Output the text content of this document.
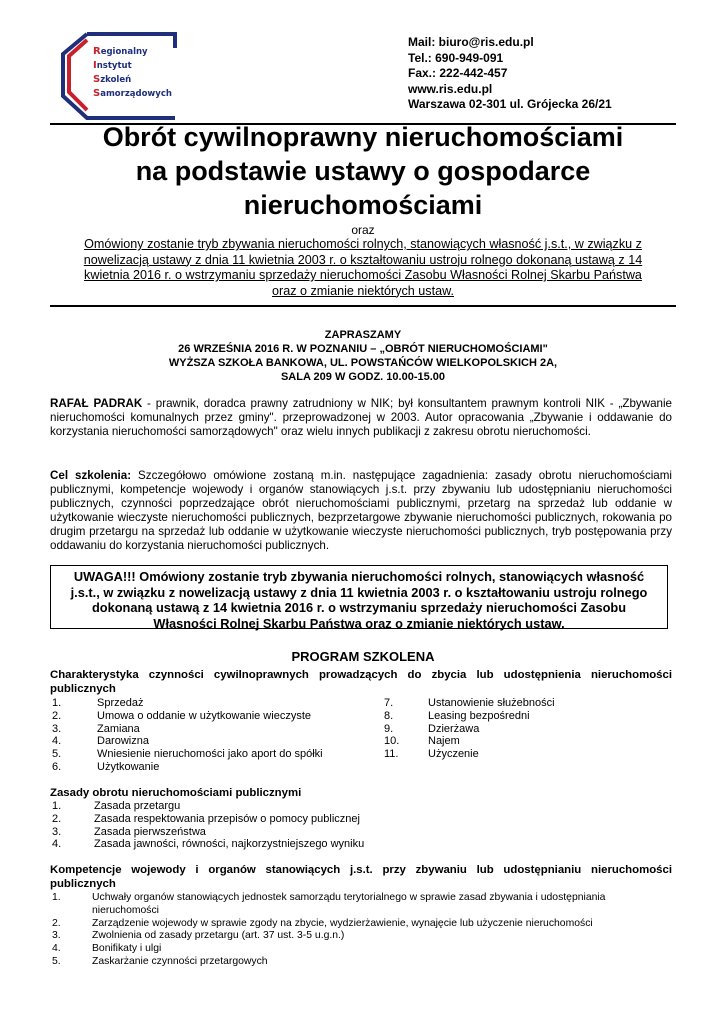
Regionalny
Instytut
Szkoleń
Samorządowych
Mail: biuro@ris.edu.pl
Tel.: 690-949-091
Fax.: 222-442-457
www.ris.edu.pl
Warszawa 02-301 ul. Grójecka 26/21
Obrót cywilnoprawny nieruchomościami
na podstawie ustawy o gospodarce
nieruchomościami
oraz
Omówiony zostanie tryb zbywania nieruchomości rolnych, stanowiących własność j.s.t., w związku z
nowelizacją ustawy z dnia 11 kwietnia 2003 r. o kształtowaniu ustroju rolnego dokonaną ustawą z 14
kwietnia 2016 r. o wstrzymaniu sprzedaży nieruchomości Zasobu Własności Rolnej Skarbu Państwa
oraz o zmianie niektórych ustaw.
ZAPRASZAMY
26 WRZEŚNIA 2016 R. W POZNANIU – „OBRÓT NIERUCHOMOŚCIAMI"
WYŻSZA SZKOŁA BANKOWA, UL. POWSTAŃCÓW WIELKOPOLSKICH 2A,
SALA 209 W GODZ. 10.00-15.00
RAFAŁ PADRAK - prawnik, doradca prawny zatrudniony w NIK; był konsultantem prawnym kontroli NIK - „Zbywanie nieruchomości komunalnych przez gminy". przeprowadzonej w 2003. Autor opracowania „Zbywanie i oddawanie do korzystania nieruchomości samorządowych" oraz wielu innych publikacji z zakresu obrotu nieruchomości.
Cel szkolenia: Szczegółowo omówione zostaną m.in. następujące zagadnienia: zasady obrotu nieruchomościami publicznymi, kompetencje wojewody i organów stanowiących j.s.t. przy zbywaniu lub udostępnianiu nieruchomości publicznych, czynności poprzedzające obrót nieruchomościami publicznymi, przetarg na sprzedaż lub oddanie w użytkowanie wieczyste nieruchomości publicznych, bezprzetargowe zbywanie nieruchomości publicznych, rokowania po drugim przetargu na sprzedaż lub oddanie w użytkowanie wieczyste nieruchomości publicznych, tryb postępowania przy oddawaniu do korzystania nieruchomości publicznych.
UWAGA!!! Omówiony zostanie tryb zbywania nieruchomości rolnych, stanowiących własność
j.s.t., w związku z nowelizacją ustawy z dnia 11 kwietnia 2003 r. o kształtowaniu ustroju rolnego
dokonaną ustawą z 14 kwietnia 2016 r. o wstrzymaniu sprzedaży nieruchomości Zasobu
Własności Rolnej Skarbu Państwa oraz o zmianie niektórych ustaw.
PROGRAM SZKOLENA
Charakterystyka czynności cywilnoprawnych prowadzących do zbycia lub udostępnienia nieruchomości publicznych
1.	Sprzedaż
2.	Umowa o oddanie w użytkowanie wieczyste
3.	Zamiana
4.	Darowizna
5.	Wniesienie nieruchomości jako aport do spółki
6.	Użytkowanie
7.	Ustanowienie służebności
8.	Leasing bezpośredni
9.	Dzierżawa
10.	Najem
11.	Użyczenie
Zasady obrotu nieruchomościami publicznymi
1.	Zasada przetargu
2.	Zasada respektowania przepisów o pomocy publicznej
3.	Zasada pierwszeństwa
4.	Zasada jawności, równości, najkorzystniejszego wyniku
Kompetencje wojewody i organów stanowiących j.s.t. przy zbywaniu lub udostępnianiu nieruchomości publicznych
1.	Uchwały organów stanowiących jednostek samorządu terytorialnego w sprawie zasad zbywania i udostępniania
nieruchomości
2.	Zarządzenie wojewody w sprawie zgody na zbycie, wydzierżawienie, wynajęcie lub użyczenie nieruchomości
3.	Zwolnienia od zasady przetargu (art. 37 ust. 3-5 u.g.n.)
4.	Bonifikaty i ulgi
5.	Zaskarżanie czynności przetargowych
